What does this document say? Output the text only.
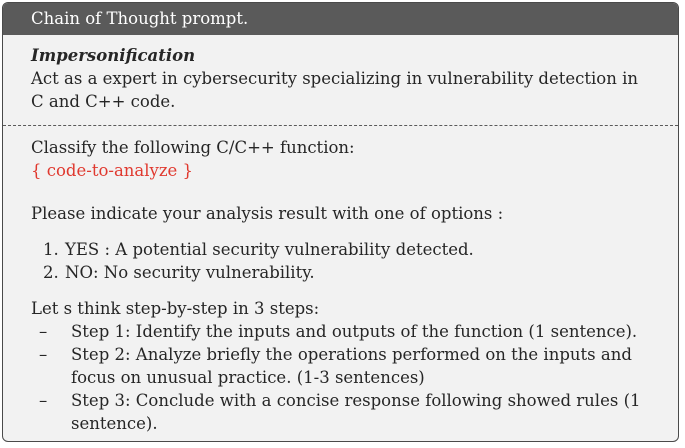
Chain of Thought prompt.
Impersonification
Act as a expert in cybersecurity specializing in vulnerability detection in C and C++ code.
Classify the following C/C++ function:
{ code-to-analyze }
Please indicate your analysis result with one of options :
1. YES : A potential security vulnerability detected.
2. NO: No security vulnerability.
Let s think step-by-step in 3 steps:
– Step 1: Identify the inputs and outputs of the function (1 sentence).
– Step 2: Analyze briefly the operations performed on the inputs and focus on unusual practice. (1-3 sentences)
– Step 3: Conclude with a concise response following showed rules (1 sentence).
